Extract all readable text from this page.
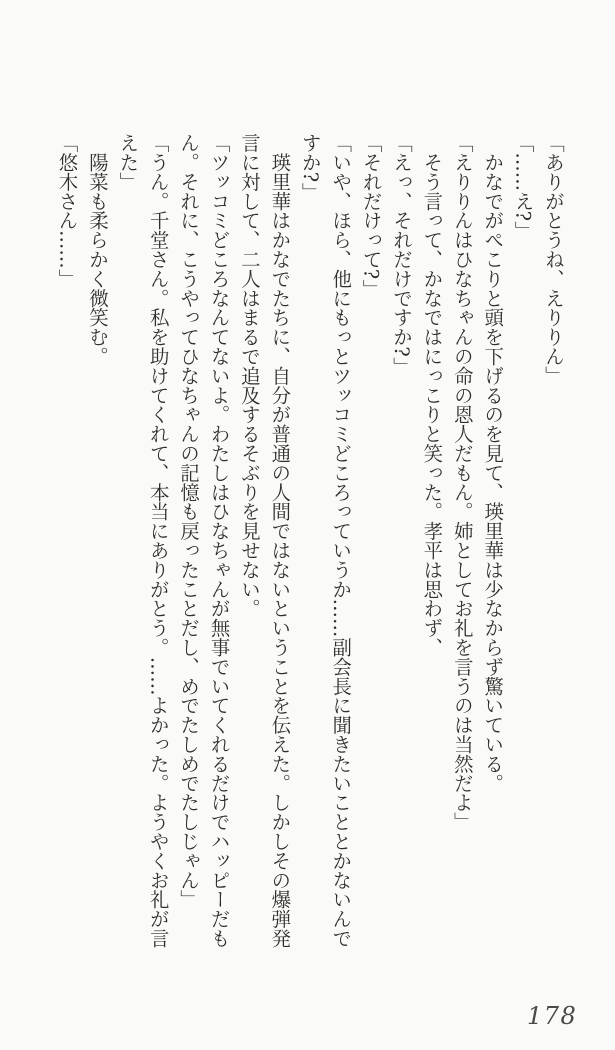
「ありがとうね、えりりん」
「……え?」
　かなでがぺこりと頭を下げるのを見て、瑛里華は少なからず驚いている。
「えりりんはひなちゃんの命の恩人だもん。姉としてお礼を言うのは当然だよ」
　そう言って、かなではにっこりと笑った。孝平は思わず、
「えっ、それだけですか?」
「それだけって?」
「いや、ほら、他にもっとツッコミどころっていうか……副会長に聞きたいこととかないんで
すか?」
　瑛里華はかなでたちに、自分が普通の人間ではないということを伝えた。しかしその爆弾発
言に対して、二人はまるで追及するそぶりを見せない。
「ツッコミどころなんてないよ。わたしはひなちゃんが無事でいてくれるだけでハッピーだも
ん。それに、こうやってひなちゃんの記憶も戻ったことだし、めでたしめでたしじゃん」
「うん。千堂さん。私を助けてくれて、本当にありがとう。……よかった。ようやくお礼が言
えた」
　陽菜も柔らかく微笑む。
「悠木さん……」
178
